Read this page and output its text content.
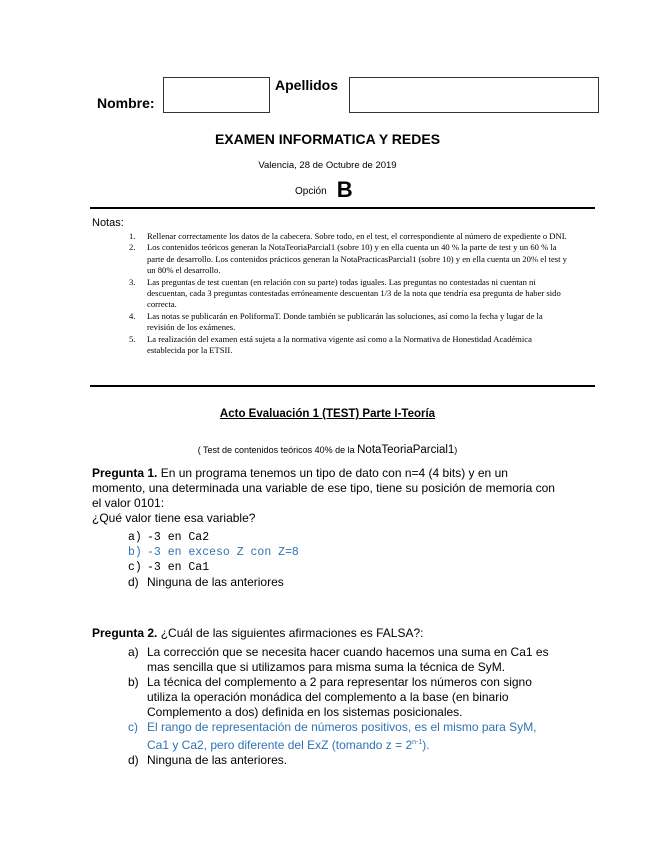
Nombre:
Apellidos
EXAMEN INFORMATICA Y REDES
Valencia, 28 de Octubre de 2019
Opción B
Notas:
1. Rellenar correctamente los datos de la cabecera. Sobre todo, en el test, el correspondiente al número de expediente o DNI.
2. Los contenidos teóricos generan la NotaTeoriaParcial1 (sobre 10) y en ella cuenta un 40 % la parte de test y un 60 % la parte de desarrollo. Los contenidos prácticos generan la NotaPracticasParcial1 (sobre 10) y en ella cuenta un 20% el test y un 80% el desarrollo.
3. Las preguntas de test cuentan (en relación con su parte) todas iguales. Las preguntas no contestadas ni cuentan ni descuentan, cada 3 preguntas contestadas erróneamente descuentan 1/3 de la nota que tendría esa pregunta de haber sido correcta.
4. Las notas se publicarán en PoliformaT. Donde también se publicarán las soluciones, así como la fecha y lugar de la revisión de los exámenes.
5. La realización del examen está sujeta a la normativa vigente así como a la Normativa de Honestidad Académica establecida por la ETSII.
Acto Evaluación 1 (TEST) Parte I-Teoría
( Test de contenidos teóricos 40% de la NotaTeoriaParcial1)
Pregunta 1. En un programa tenemos un tipo de dato con n=4 (4 bits) y en un momento, una determinada una variable de ese tipo, tiene su posición de memoria con el valor 0101:
¿Qué valor tiene esa variable?
a) -3 en Ca2
b) -3 en exceso Z con Z=8
c) -3 en Ca1
d) Ninguna de las anteriores
Pregunta 2. ¿Cuál de las siguientes afirmaciones es FALSA?:
a) La corrección que se necesita hacer cuando hacemos una suma en Ca1 es mas sencilla que si utilizamos para misma suma la técnica de SyM.
b) La técnica del complemento a 2 para representar los números con signo utiliza la operación monádica del complemento a la base (en binario Complemento a dos) definida en los sistemas posicionales.
c) El rango de representación de números positivos, es el mismo para SyM, Ca1 y Ca2, pero diferente del ExZ (tomando $z = 2^{n-1}$).
d) Ninguna de las anteriores.
